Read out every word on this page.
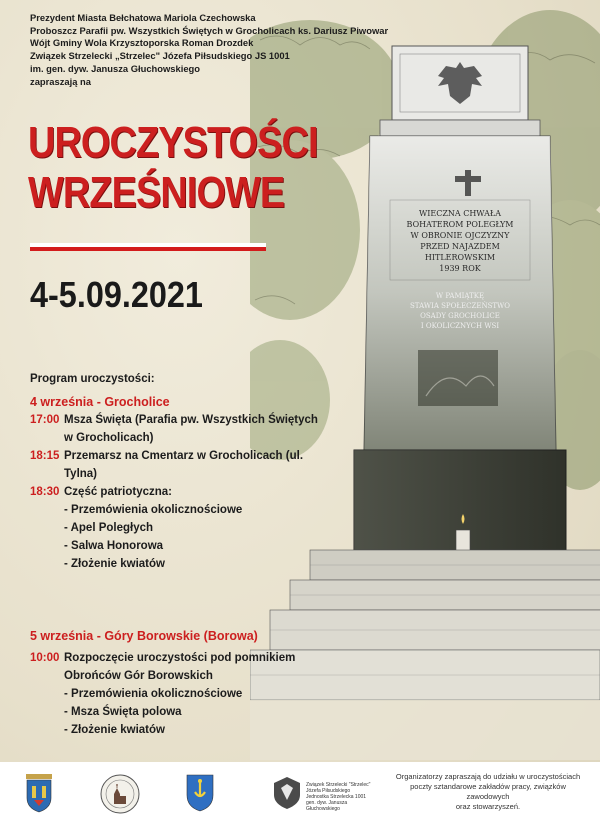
WIECZNA CHWAŁA
BOHATEROM POLEGŁYM
W OBRONIE OJCZYZNY
PRZED NAJAZDEM
HITLEROWSKIM
1939 ROK
W PAMIĄTKĘ
STAWIA SPOŁECZEŃSTWO
OSADY GROCHOLICE
I OKOLICZNYCH WSI
Prezydent Miasta Bełchatowa Mariola Czechowska
Proboszcz Parafii pw. Wszystkich Świętych w Grocholicach ks. Dariusz Piwowar
Wójt Gminy Wola Krzysztoporska Roman Drozdek
Związek Strzelecki „Strzelec" Józefa Piłsudskiego JS 1001
im. gen. dyw. Janusza Głuchowskiego
zapraszają na
UROCZYSTOŚCI
WRZEŚNIOWE
4-5.09.2021
Program uroczystości:
4 września - Grocholice
17:00 Msza Święta (Parafia pw. Wszystkich Świętych w Grocholicach)
18:15 Przemarsz na Cmentarz w Grocholicach (ul. Tylna)
18:30 Część patriotyczna:
- Przemówienia okolicznościowe
- Apel Poległych
- Salwa Honorowa
- Złożenie kwiatów
5 września - Góry Borowskie (Borowa)
10:00 Rozpoczęcie uroczystości pod pomnikiem Obrońców Gór Borowskich
- Przemówienia okolicznościowe
- Msza Święta polowa
- Złożenie kwiatów
Związek Strzelecki "Strzelec"
Józefa Piłsudskiego
Jednostka Strzelecka 1001
gen. dyw. Janusza Głuchowskiego
Organizatorzy zapraszają do udziału w uroczystościach
poczty sztandarowe zakładów pracy, związków zawodowych
oraz stowarzyszeń.
